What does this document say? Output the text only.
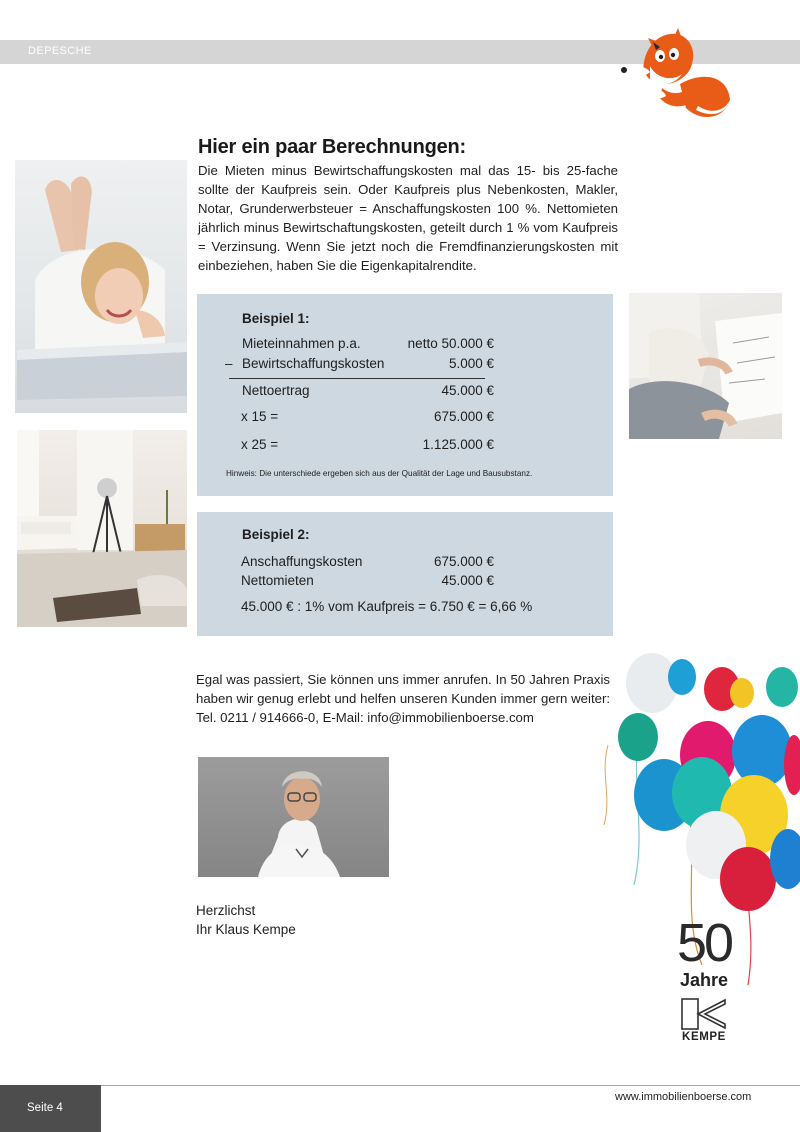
DEPESCHE
Hier ein paar Berechnungen:

Die Mieten minus Bewirtschaffungskosten mal das 15- bis 25-fache sollte der Kaufpreis sein. Oder Kaufpreis plus Nebenkosten, Makler, Notar, Grunderwerbsteuer = Anschaffungskosten 100 %. Nettomieten jährlich minus Bewirtschaftungskosten, geteilt durch 1 % vom Kaufpreis = Verzinsung. Wenn Sie jetzt noch die Fremdfinanzierungskosten mit einbeziehen, haben Sie die Eigenkapitalrendite.

Beispiel 1:
Mieteinnahmen p.a.	netto 50.000 €
– Bewirtschaffungskosten	5.000 €
Nettoertrag	45.000 €
x 15 =	675.000 €
x 25 =	1.125.000 €
Hinweis: Die unterschiede ergeben sich aus der Qualität der Lage und Bausubstanz.
Beispiel 2:
Anschaffungskosten	675.000 €
Nettomieten	45.000 €
45.000 € : 1% vom Kaufpreis = 6.750 € = 6,66 %

Egal was passiert, Sie können uns immer anrufen. In 50 Jahren Praxis haben wir genug erlebt und helfen unseren Kunden immer gern weiter: Tel. 0211 / 914666-0, E-Mail: info@immobilienboerse.com

Herzlichst
Ihr Klaus Kempe	50
Jahre
KEMPE
Seite 4
www.immobilienboerse.com
